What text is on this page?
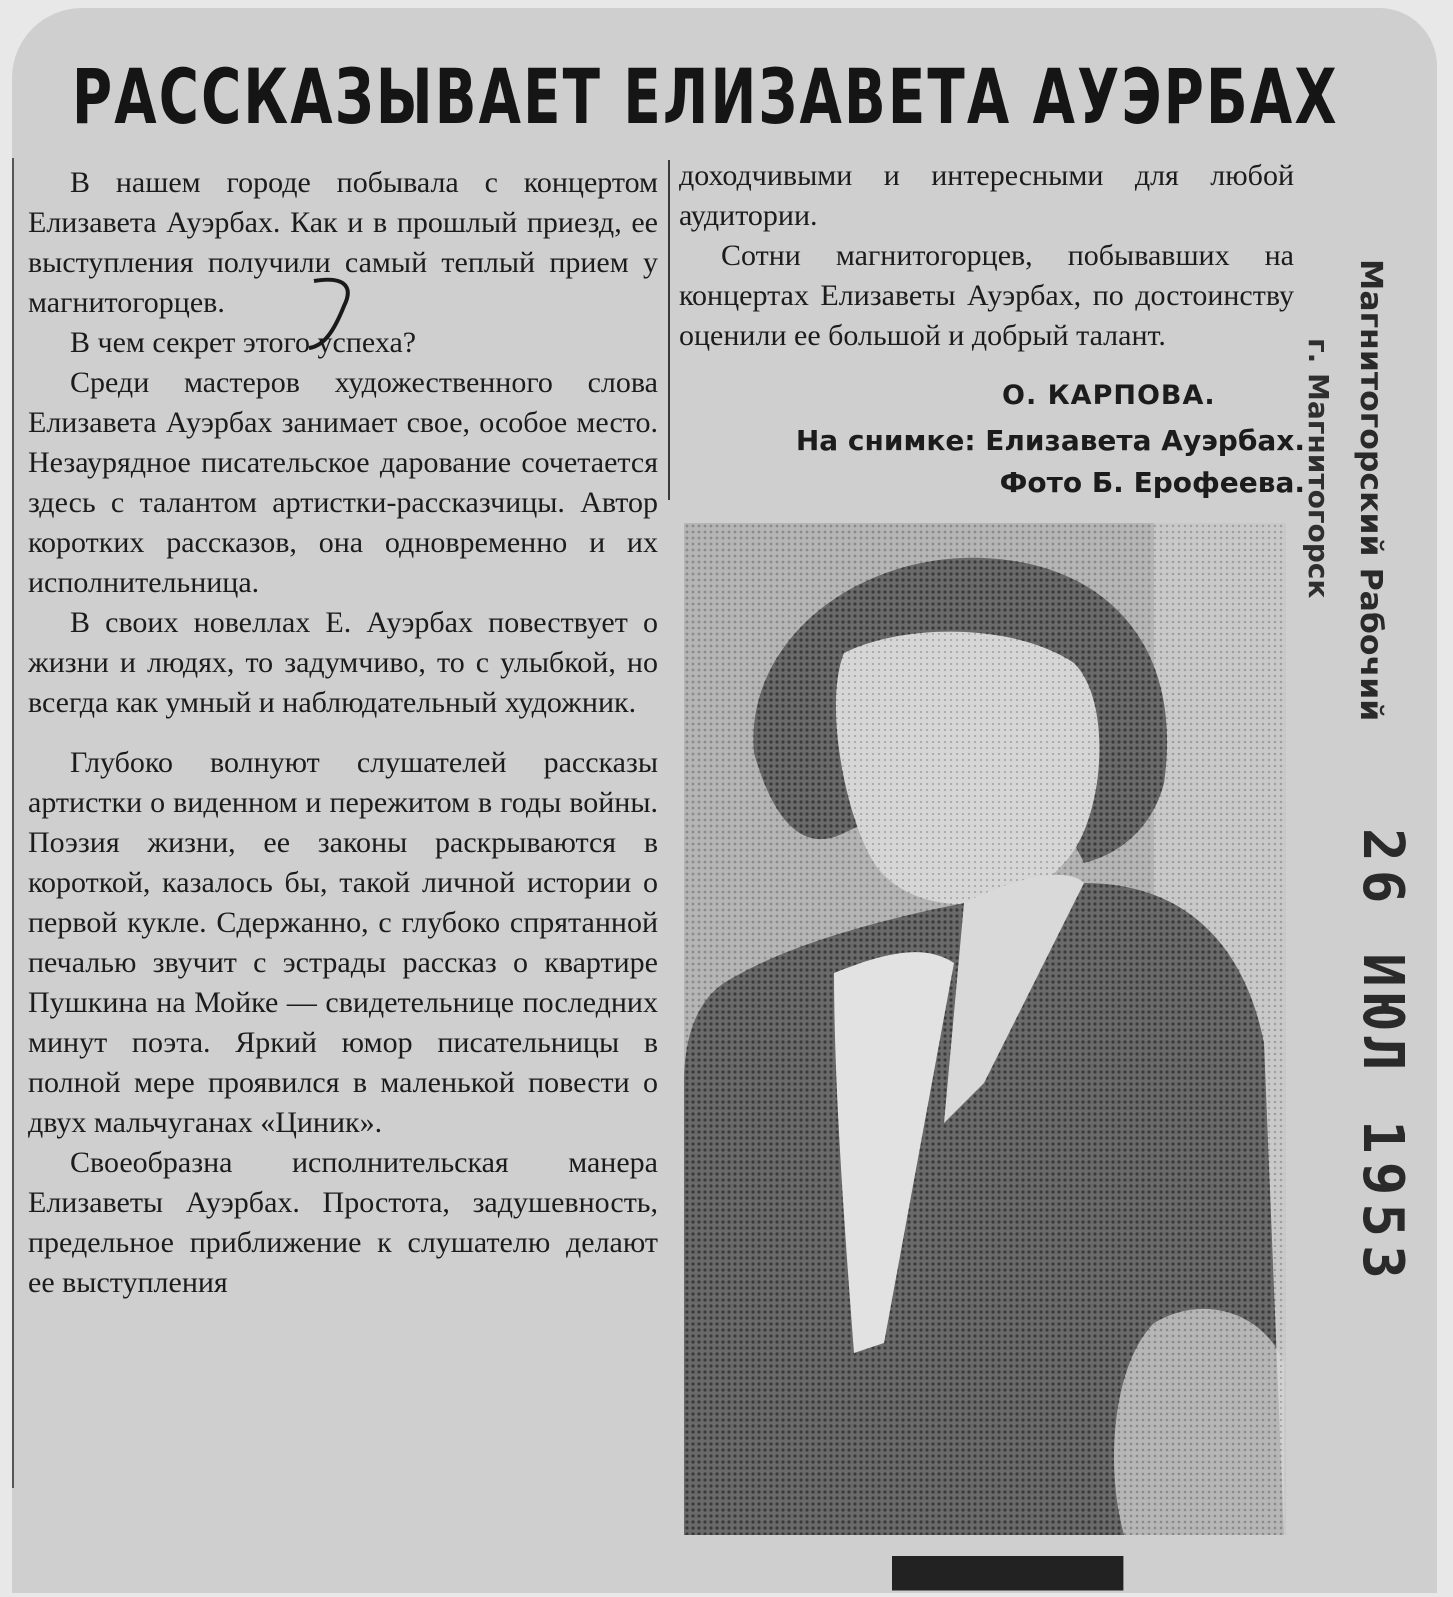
РАССКАЗЫВАЕТ ЕЛИЗАВЕТА АУЭРБАХ

В нашем городе побывала с концертом Елизавета Ауэрбах. Как и в прошлый приезд, ее выступления получили самый теплый прием у магнитогорцев.

В чем секрет этого успеха?

Среди мастеров художественного слова Елизавета Ауэрбах занимает свое, особое место. Незаурядное писательское дарование сочетается здесь с талантом артистки-рассказчицы. Автор коротких рассказов, она одновременно и их исполнительница.

В своих новеллах Е. Ауэрбах повествует о жизни и людях, то задумчиво, то с улыбкой, но всегда как умный и наблюдательный художник.

Глубоко волнуют слушателей рассказы артистки о виденном и пережитом в годы войны. Поэзия жизни, ее законы раскрываются в короткой, казалось бы, такой личной истории о первой кукле. Сдержанно, с глубоко спрятанной печалью звучит с эстрады рассказ о квартире Пушкина на Мойке — свидетельнице последних минут поэта. Яркий юмор писательницы в полной мере проявился в маленькой повести о двух мальчуганах «Циник».

Своеобразна исполнительская манера Елизаветы Ауэрбах. Простота, задушевность, предельное приближение к слушателю делают ее выступления

доходчивыми и интересными для любой аудитории.

Сотни магнитогорцев, побывавших на концертах Елизаветы Ауэрбах, по достоинству оценили ее большой и добрый талант.

О. КАРПОВА.
На снимке: Елизавета Ауэрбах.
Фото Б. Ерофеева. Магнитогорский Рабочий
г. Магнитогорск
26 ИЮЛ 1953
▀▀▀▀▀
